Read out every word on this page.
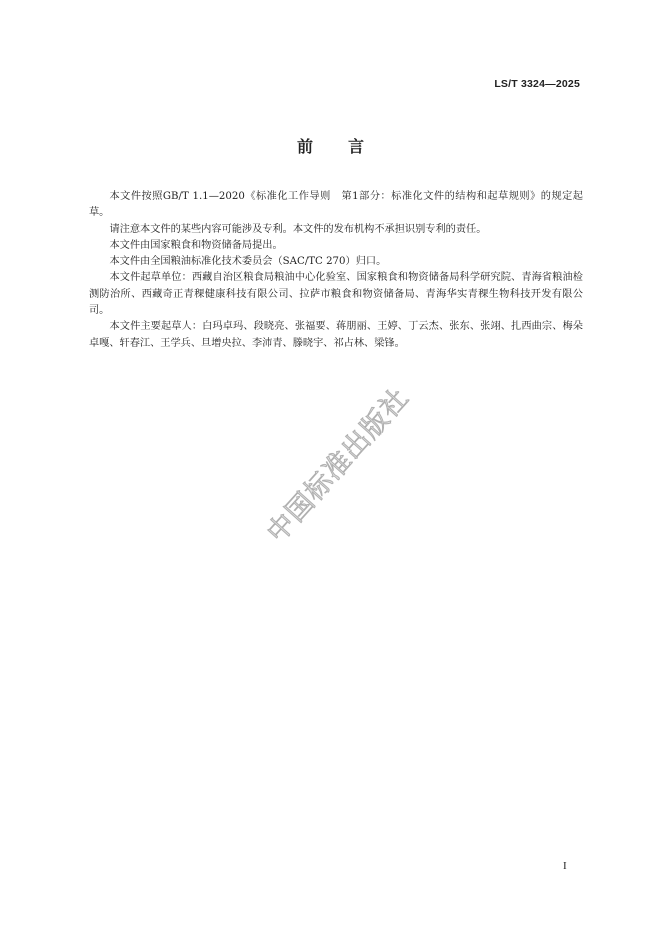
LS/T 3324—2025
前 言

本文件按照GB/T 1.1—2020《标准化工作导则　第1部分：标准化文件的结构和起草规则》的规定起草。

请注意本文件的某些内容可能涉及专利。本文件的发布机构不承担识别专利的责任。

本文件由国家粮食和物资储备局提出。

本文件由全国粮油标准化技术委员会（SAC/TC 270）归口。

本文件起草单位：西藏自治区粮食局粮油中心化验室、国家粮食和物资储备局科学研究院、青海省粮油检测防治所、西藏奇正青稞健康科技有限公司、拉萨市粮食和物资储备局、青海华实青稞生物科技开发有限公司。

本文件主要起草人：白玛卓玛、段晓亮、张福要、蒋朋丽、王婷、丁云杰、张东、张翊、扎西曲宗、梅朵卓嘎、轩春江、王学兵、旦增央拉、李沛青、滕晓宇、祁占林、梁锋。

中国标准出版社
I
